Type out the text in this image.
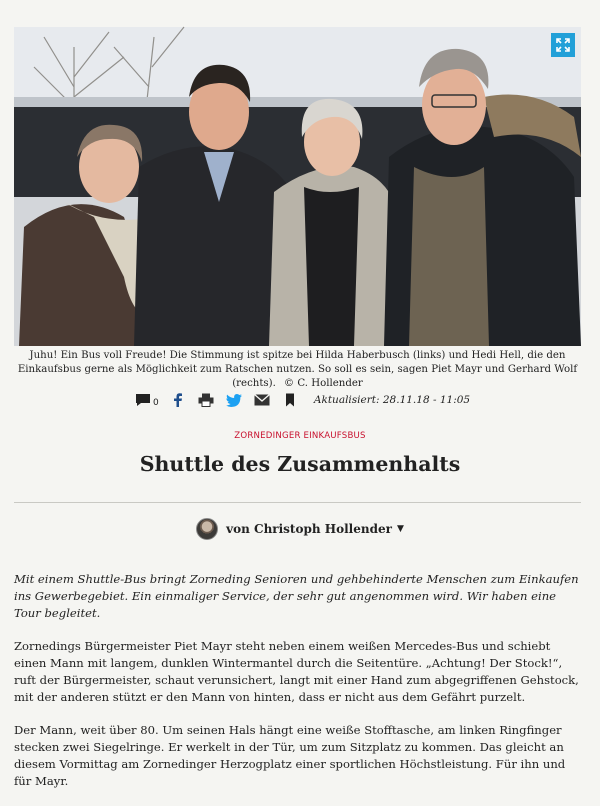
Juhu! Ein Bus voll Freude! Die Stimmung ist spitze bei Hilda Haberbusch (links) und Hedi Hell, die den Einkaufsbus gerne als Möglichkeit zum Ratschen nutzen. So soll es sein, sagen Piet Mayr und Gerhard Wolf (rechts). © C. Hollender
0	Aktualisiert: 28.11.18 - 11:05
ZORNEDINGER EINKAUFSBUS
Shuttle des Zusammenhalts
von Christoph Hollender ▼

Mit einem Shuttle-Bus bringt Zorneding Senioren und gehbehinderte Menschen zum Einkaufen ins Gewerbegebiet. Ein einmaliger Service, der sehr gut angenommen wird. Wir haben eine Tour begleitet.

Zornedings Bürgermeister Piet Mayr steht neben einem weißen Mercedes-Bus und schiebt einen Mann mit langem, dunklen Wintermantel durch die Seitentüre. „Achtung! Der Stock!“, ruft der Bürgermeister, schaut verunsichert, langt mit einer Hand zum abgegriffenen Gehstock, mit der anderen stützt er den Mann von hinten, dass er nicht aus dem Gefährt purzelt.

Der Mann, weit über 80. Um seinen Hals hängt eine weiße Stofftasche, am linken Ringfinger stecken zwei Siegelringe. Er werkelt in der Tür, um zum Sitzplatz zu kommen. Das gleicht an diesem Vormittag am Zornedinger Herzogplatz einer sportlichen Höchstleistung. Für ihn und für Mayr.
